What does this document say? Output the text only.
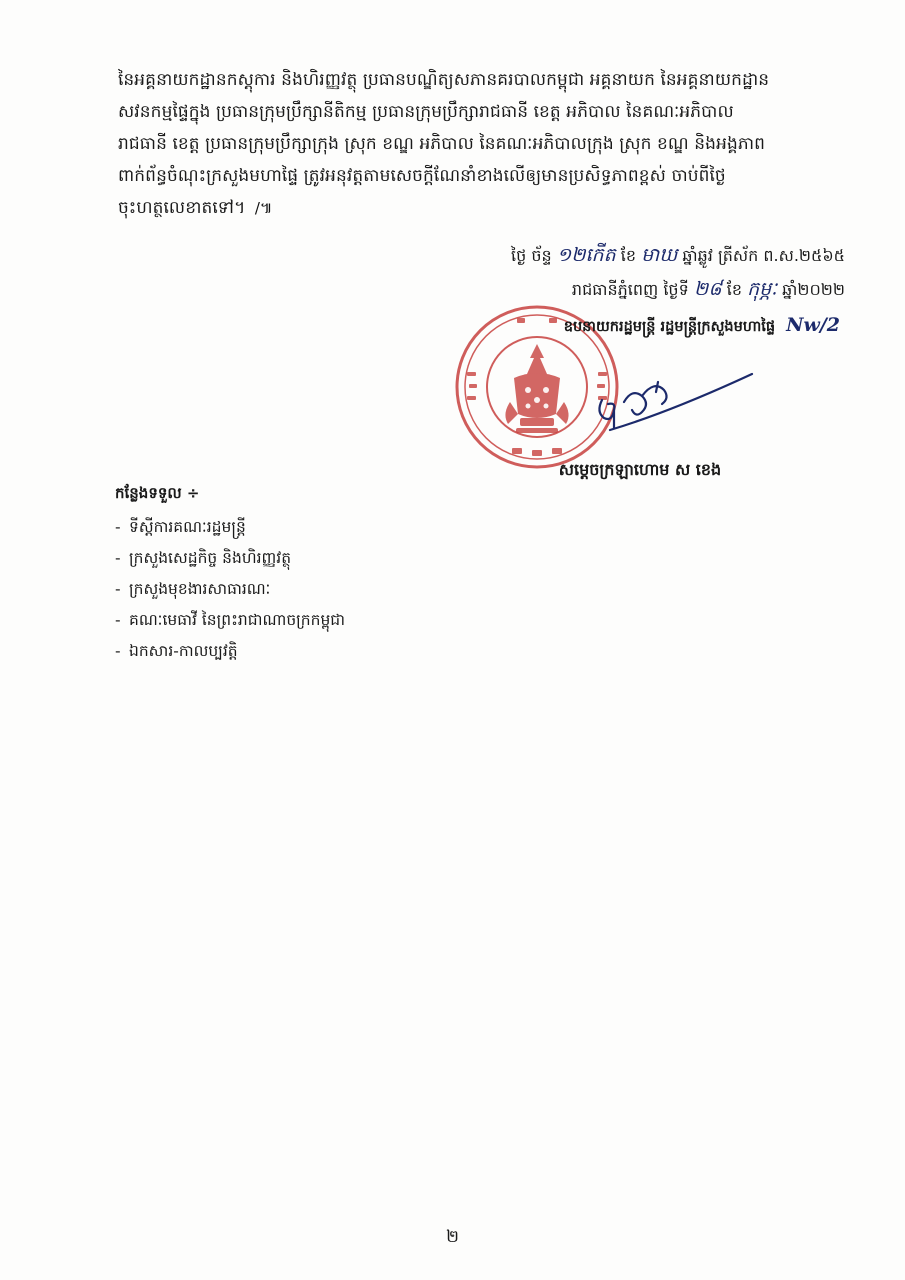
នៃអគ្គនាយកដ្ឋានកស្ដុការ និងហិរញ្ញវត្ថុ ប្រធានបណ្ឌិត្យសភានគរបាលកម្ពុជា អគ្គនាយក នៃអគ្គនាយកដ្ឋាន
សវនកម្មផ្ទៃក្នុង ប្រធានក្រុមប្រឹក្សានីតិកម្ម ប្រធានក្រុមប្រឹក្សារាជធានី ខេត្ត អភិបាល នៃគណៈអភិបាល
រាជធានី ខេត្ត ប្រធានក្រុមប្រឹក្សាក្រុង ស្រុក ខណ្ឌ អភិបាល នៃគណៈអភិបាលក្រុង ស្រុក ខណ្ឌ និងអង្គភាព
ពាក់ព័ន្ធចំណុះក្រសួងមហាផ្ទៃ ត្រូវអនុវត្តតាមសេចក្ដីណែនាំខាងលើឲ្យមានប្រសិទ្ធភាពខ្ពស់ ចាប់ពីថ្ងៃ
ចុះហត្ថលេខាតទៅ។ /៕
ថ្ងៃ ច័ន្ទ ១២កើត ខែ មាឃ ឆ្នាំឆ្លូវ ត្រីស័ក ព.ស.២៥៦៥
រាជធានីភ្នំពេញ ថ្ងៃទី ២៨ ខែ កុម្ភៈ ឆ្នាំ២០២២
ឧបនាយករដ្ឋមន្ត្រី រដ្ឋមន្ត្រីក្រសួងមហាផ្ទៃ Nw/2
សម្ដេចក្រឡាហោម ស ខេង
កន្លែងទទួល ÷
- ទីស្ដីការគណៈរដ្ឋមន្ត្រី
- ក្រសួងសេដ្ឋកិច្ច និងហិរញ្ញវត្ថុ
- ក្រសួងមុខងារសាធារណៈ
- គណៈមេធាវី នៃព្រះរាជាណាចក្រកម្ពុជា
- ឯកសារ-កាលប្បវត្តិ
២
